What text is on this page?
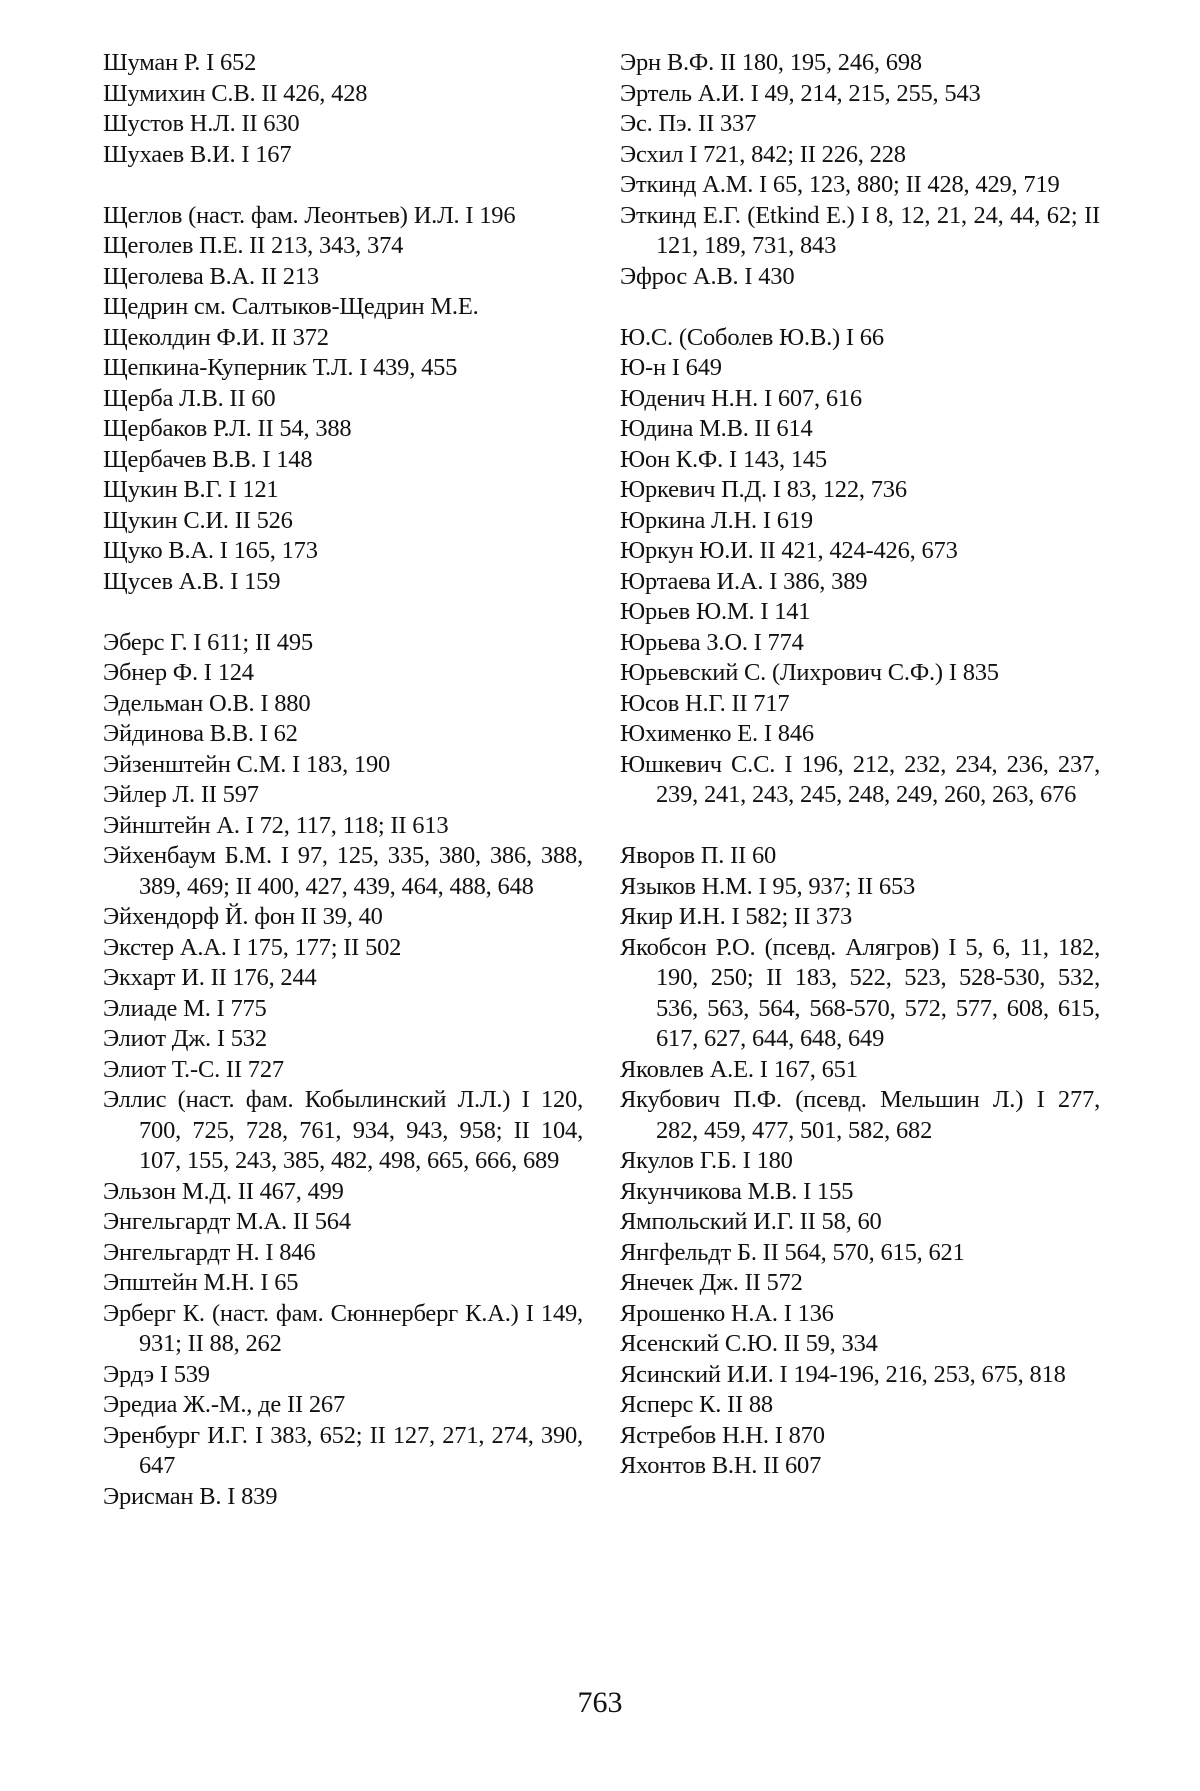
Шуман Р. I 652
Шумихин С.В. II 426, 428
Шустов Н.Л. II 630
Шухаев В.И. I 167
Щеглов (наст. фам. Леонтьев) И.Л. I 196
Щеголев П.Е. II 213, 343, 374
Щеголева В.А. II 213
Щедрин см. Салтыков-Щедрин М.Е.
Щеколдин Ф.И. II 372
Щепкина-Куперник Т.Л. I 439, 455
Щерба Л.В. II 60
Щербаков Р.Л. II 54, 388
Щербачев В.В. I 148
Щукин В.Г. I 121
Щукин С.И. II 526
Щуко В.А. I 165, 173
Щусев А.В. I 159
Эберс Г. I 611; II 495
Эбнер Ф. I 124
Эдельман О.В. I 880
Эйдинова В.В. I 62
Эйзенштейн С.М. I 183, 190
Эйлер Л. II 597
Эйнштейн А. I 72, 117, 118; II 613
Эйхенбаум Б.М. I 97, 125, 335, 380, 386, 388, 389, 469; II 400, 427, 439, 464, 488, 648
Эйхендорф Й. фон II 39, 40
Экстер А.А. I 175, 177; II 502
Экхарт И. II 176, 244
Элиаде М. I 775
Элиот Дж. I 532
Элиот Т.-С. II 727
Эллис (наст. фам. Кобылинский Л.Л.) I 120, 700, 725, 728, 761, 934, 943, 958; II 104, 107, 155, 243, 385, 482, 498, 665, 666, 689
Эльзон М.Д. II 467, 499
Энгельгардт М.А. II 564
Энгельгардт Н. I 846
Эпштейн М.Н. I 65
Эрберг К. (наст. фам. Сюннерберг К.А.) I 149, 931; II 88, 262
Эрдэ I 539
Эредиа Ж.-М., де II 267
Эренбург И.Г. I 383, 652; II 127, 271, 274, 390, 647
Эрисман В. I 839
Эрн В.Ф. II 180, 195, 246, 698
Эртель А.И. I 49, 214, 215, 255, 543
Эс. Пэ. II 337
Эсхил I 721, 842; II 226, 228
Эткинд А.М. I 65, 123, 880; II 428, 429, 719
Эткинд Е.Г. (Etkind E.) I 8, 12, 21, 24, 44, 62; II 121, 189, 731, 843
Эфрос А.В. I 430
Ю.С. (Соболев Ю.В.) I 66
Ю-н I 649
Юденич Н.Н. I 607, 616
Юдина М.В. II 614
Юон К.Ф. I 143, 145
Юркевич П.Д. I 83, 122, 736
Юркина Л.Н. I 619
Юркун Ю.И. II 421, 424-426, 673
Юртаева И.А. I 386, 389
Юрьев Ю.М. I 141
Юрьева З.О. I 774
Юрьевский С. (Лихрович С.Ф.) I 835
Юсов Н.Г. II 717
Юхименко Е. I 846
Юшкевич С.С. I 196, 212, 232, 234, 236, 237, 239, 241, 243, 245, 248, 249, 260, 263, 676
Яворов П. II 60
Языков Н.М. I 95, 937; II 653
Якир И.Н. I 582; II 373
Якобсон Р.О. (псевд. Алягров) I 5, 6, 11, 182, 190, 250; II 183, 522, 523, 528-530, 532, 536, 563, 564, 568-570, 572, 577, 608, 615, 617, 627, 644, 648, 649
Яковлев А.Е. I 167, 651
Якубович П.Ф. (псевд. Мельшин Л.) I 277, 282, 459, 477, 501, 582, 682
Якулов Г.Б. I 180
Якунчикова М.В. I 155
Ямпольский И.Г. II 58, 60
Янгфельдт Б. II 564, 570, 615, 621
Янечек Дж. II 572
Ярошенко Н.А. I 136
Ясенский С.Ю. II 59, 334
Ясинский И.И. I 194-196, 216, 253, 675, 818
Ясперс К. II 88
Ястребов Н.Н. I 870
Яхонтов В.Н. II 607
763
